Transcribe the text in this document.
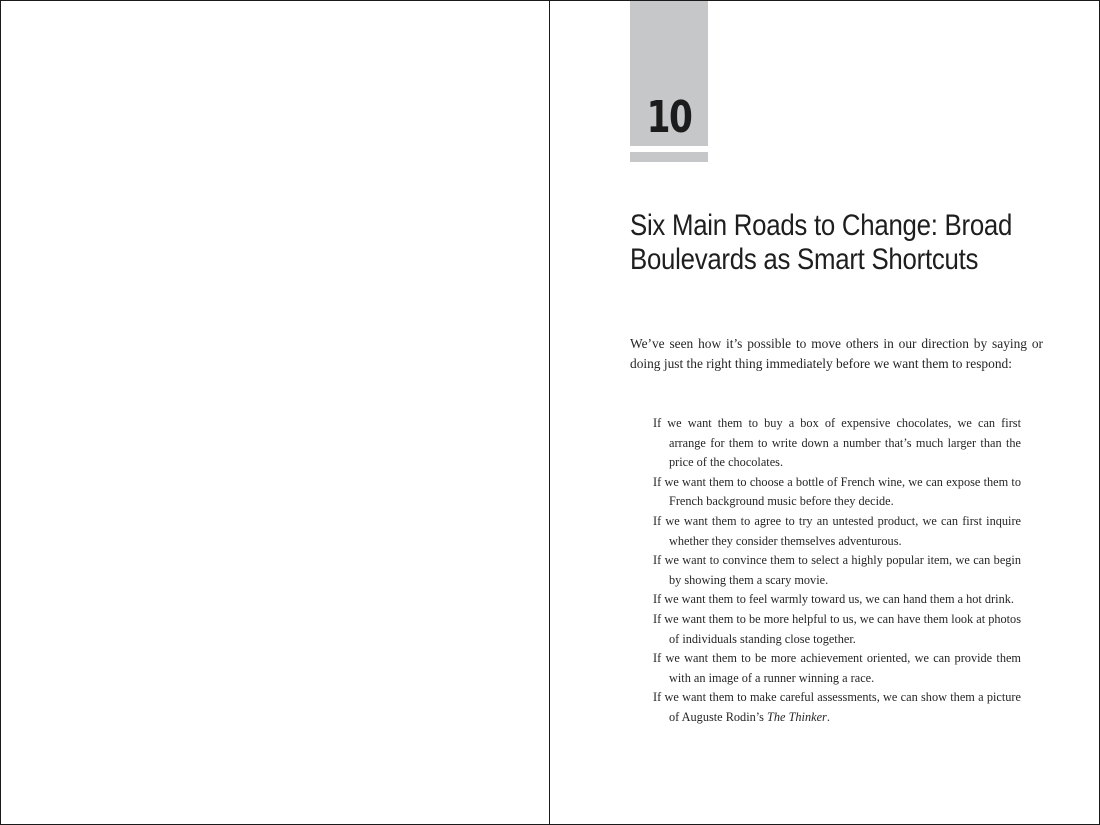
10
Six Main Roads to Change: Broad
Boulevards as Smart Shortcuts

We’ve seen how it’s possible to move others in our direction by saying or doing just the right thing immediately before we want them to respond:

If we want them to buy a box of expensive chocolates, we can first arrange for them to write down a number that’s much larger than the price of the chocolates.
If we want them to choose a bottle of French wine, we can expose them to French background music before they decide.
If we want them to agree to try an untested product, we can first inquire whether they consider themselves adventurous.
If we want to convince them to select a highly popular item, we can begin by showing them a scary movie.
If we want them to feel warmly toward us, we can hand them a hot drink.
If we want them to be more helpful to us, we can have them look at photos of individuals standing close together.
If we want them to be more achievement oriented, we can provide them with an image of a runner winning a race.
If we want them to make careful assessments, we can show them a picture of Auguste Rodin’s The Thinker.
